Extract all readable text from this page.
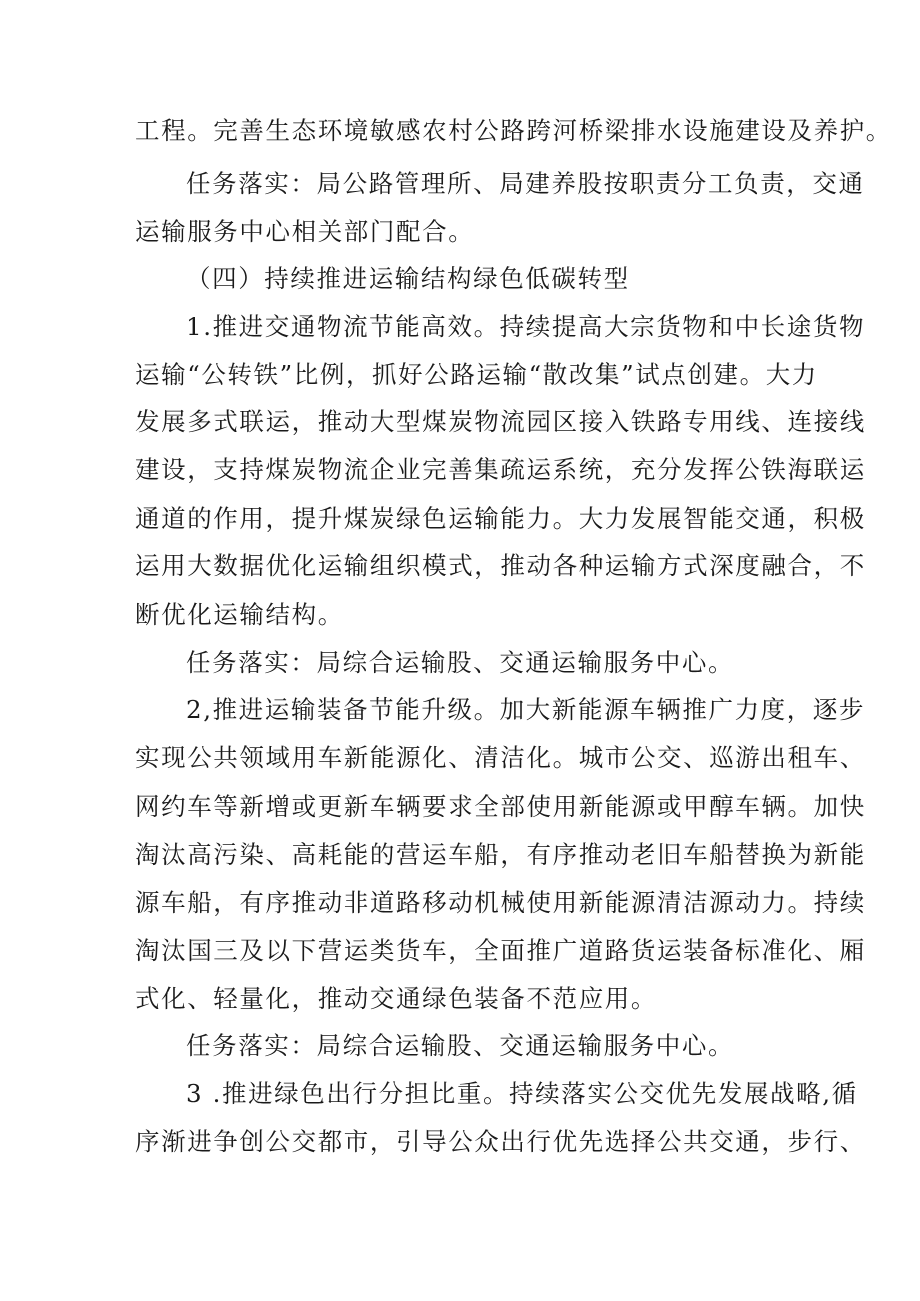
工程。完善生态环境敏感农村公路跨河桥梁排水设施建设及养护。
任务落实：局公路管理所、局建养股按职责分工负责，交通
运输服务中心相关部门配合。
（四）持续推进运输结构绿色低碳转型
1.推进交通物流节能高效。持续提高大宗货物和中长途货物
运输“公转铁”比例，抓好公路运输“散改集”试点创建。大力
发展多式联运，推动大型煤炭物流园区接入铁路专用线、连接线
建设，支持煤炭物流企业完善集疏运系统，充分发挥公铁海联运
通道的作用，提升煤炭绿色运输能力。大力发展智能交通，积极
运用大数据优化运输组织模式，推动各种运输方式深度融合，不
断优化运输结构。
任务落实：局综合运输股、交通运输服务中心。
2,推进运输装备节能升级。加大新能源车辆推广力度，逐步
实现公共领域用车新能源化、清洁化。城市公交、巡游出租车、
网约车等新增或更新车辆要求全部使用新能源或甲醇车辆。加快
淘汰高污染、高耗能的营运车船，有序推动老旧车船替换为新能
源车船，有序推动非道路移动机械使用新能源清洁源动力。持续
淘汰国三及以下营运类货车，全面推广道路货运装备标准化、厢
式化、轻量化，推动交通绿色装备不范应用。
任务落实：局综合运输股、交通运输服务中心。
3 .推进绿色出行分担比重。持续落实公交优先发展战略,循
序渐进争创公交都市，引导公众出行优先选择公共交通，步行、
